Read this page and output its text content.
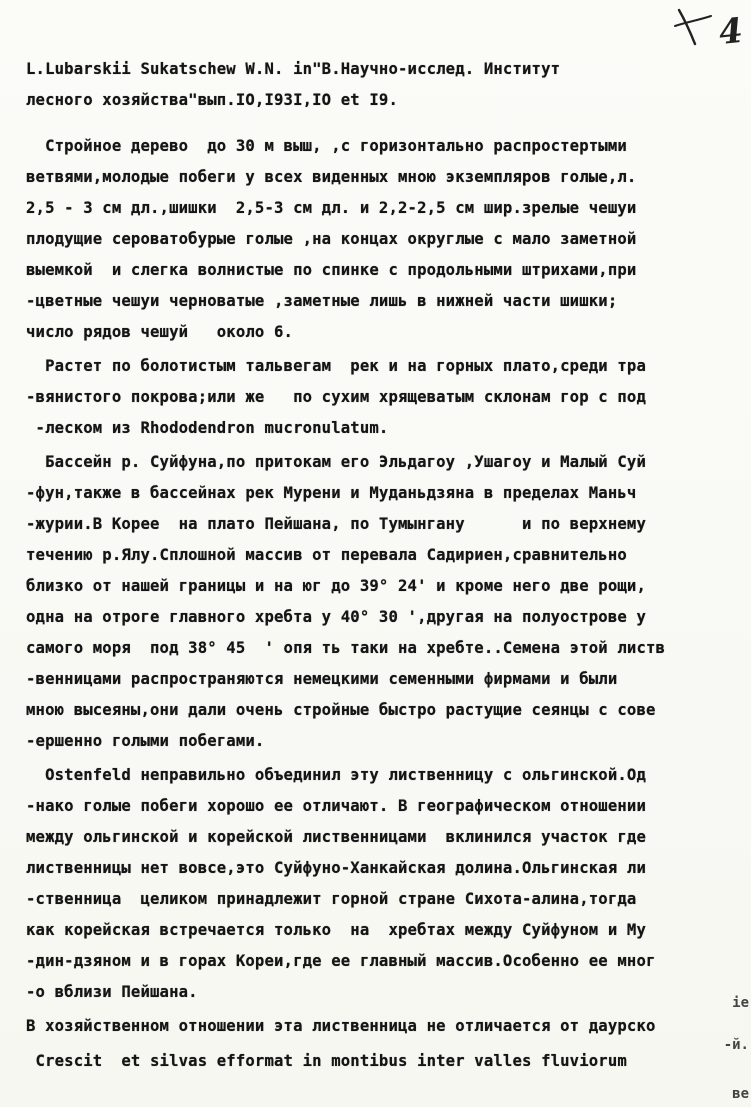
4
L.Lubarskii Sukatschew W.N. in"В.Научно-исслед. Институт
лесного хозяйства"вып.IO,I93I,IO et I9.
Стройное дерево  до 30 м выш, ,с горизонтально распростертыми
ветвями,молодые побеги у всех виденных мною экземпляров голые,л.
2,5 - 3 см дл.,шишки  2,5-3 см дл. и 2,2-2,5 см шир.зрелые чешуи
плодущие сероватобурые голые ,на концах округлые с мало заметной
выемкой  и слегка волнистые по спинке с продольными штрихами,при
-цветные чешуи черноватые ,заметные лишь в нижней части шишки;
число рядов чешуй   около 6.
Растет по болотистым тальвегам  рек и на горных плато,среди тра
-вянистого покрова;или же   по сухим хрящеватым склонам гор с под
-леском из Rhododendron mucronulatum.
Бассейн р. Суйфуна,по притокам его Эльдагоу ,Ушагоу и Малый Суй
-фун,также в бассейнах рек Мурени и Муданьдзяна в пределах Маньч
-журии.В Корее  на плато Пейшана, по Тумынгану      и по верхнему
течению р.Ялу.Сплошной массив от перевала Садириен,сравнительно
близко от нашей границы и на юг до 39° 24' и кроме него две рощи,
одна на отроге главного хребта у 40° 30 ',другая на полуострове у
самого моря  под 38° 45  ' опя ть таки на хребте..Семена этой листв
-венницами распространяются немецкими семенными фирмами и были
мною высеяны,они дали очень стройные быстро растущие сеянцы с сове
-ершенно голыми побегами.
Ostenfeld неправильно объединил эту лиственницу с ольгинской.Од
-нако голые побеги хорошо ее отличают. В географическом отношении
между ольгинской и корейской лиственницами  вклинился участок где
лиственницы нет вовсе,это Суйфуно-Ханкайская долина.Ольгинская ли
-ственница  целиком принадлежит горной стране Сихота-алина,тогда
как корейская встречается только  на  хребтах между Суйфуном и Му
-дин-дзяном и в горах Кореи,где ее главный массив.Особенно ее мног
-о вблизи Пейшана.
В хозяйственном отношении эта лиственница не отличается от даурско
Crescit  et silvas efformat in montibus inter valles fluviorum
іе
-й.
ве
